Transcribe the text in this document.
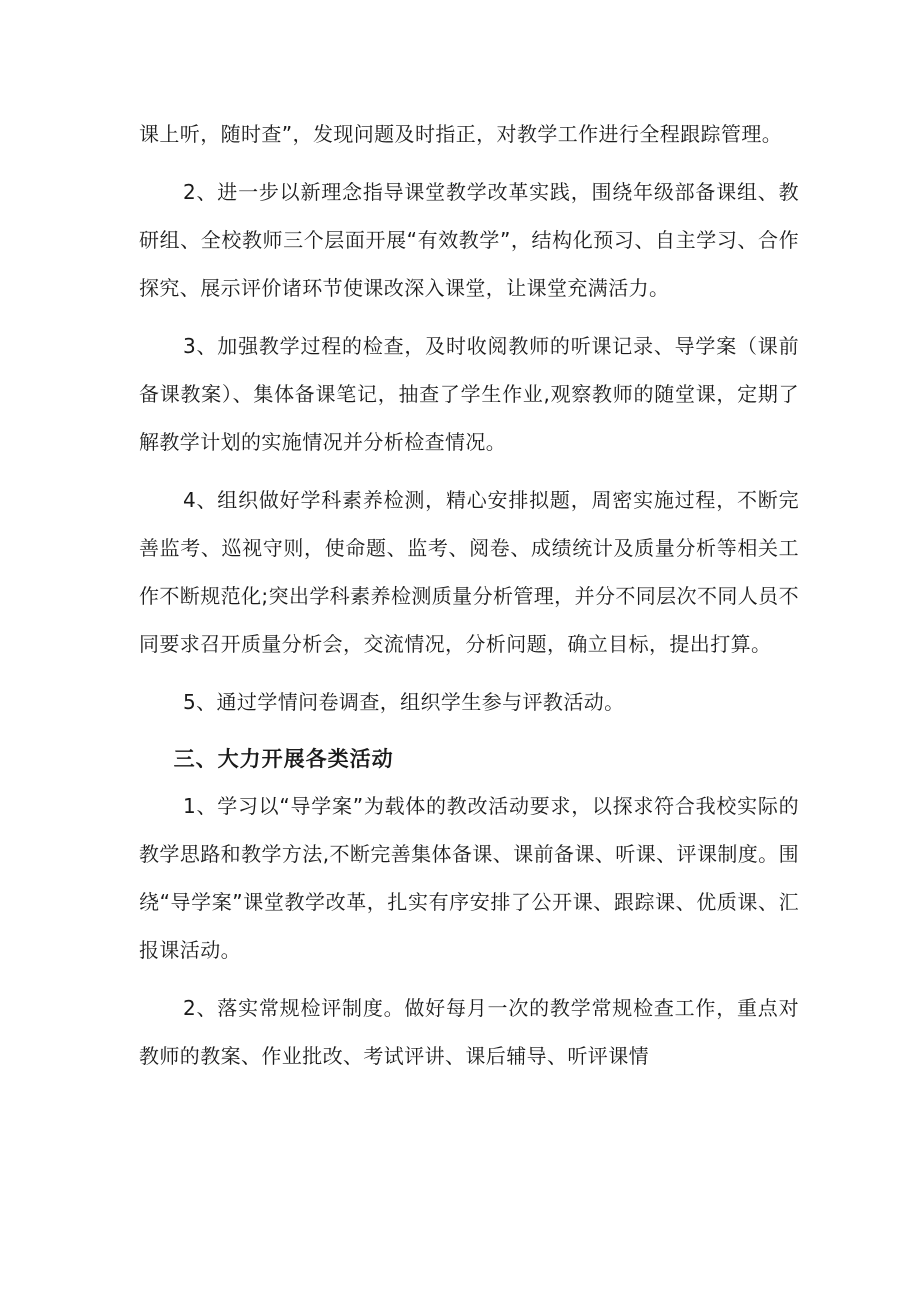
课上听，随时查”，发现问题及时指正，对教学工作进行全程跟踪管理。

2、进一步以新理念指导课堂教学改革实践，围绕年级部备课组、教研组、全校教师三个层面开展“有效教学”，结构化预习、自主学习、合作探究、展示评价诸环节使课改深入课堂，让课堂充满活力。

3、加强教学过程的检查，及时收阅教师的听课记录、导学案（课前备课教案）、集体备课笔记，抽查了学生作业,观察教师的随堂课，定期了解教学计划的实施情况并分析检查情况。

4、组织做好学科素养检测，精心安排拟题，周密实施过程，不断完善监考、巡视守则，使命题、监考、阅卷、成绩统计及质量分析等相关工作不断规范化;突出学科素养检测质量分析管理，并分不同层次不同人员不同要求召开质量分析会，交流情况，分析问题，确立目标，提出打算。

5、通过学情问卷调查，组织学生参与评教活动。

三、大力开展各类活动

1、学习以“导学案”为载体的教改活动要求，以探求符合我校实际的教学思路和教学方法,不断完善集体备课、课前备课、听课、评课制度。围绕“导学案”课堂教学改革，扎实有序安排了公开课、跟踪课、优质课、汇报课活动。

2、落实常规检评制度。做好每月一次的教学常规检查工作，重点对教师的教案、作业批改、考试评讲、课后辅导、听评课情
